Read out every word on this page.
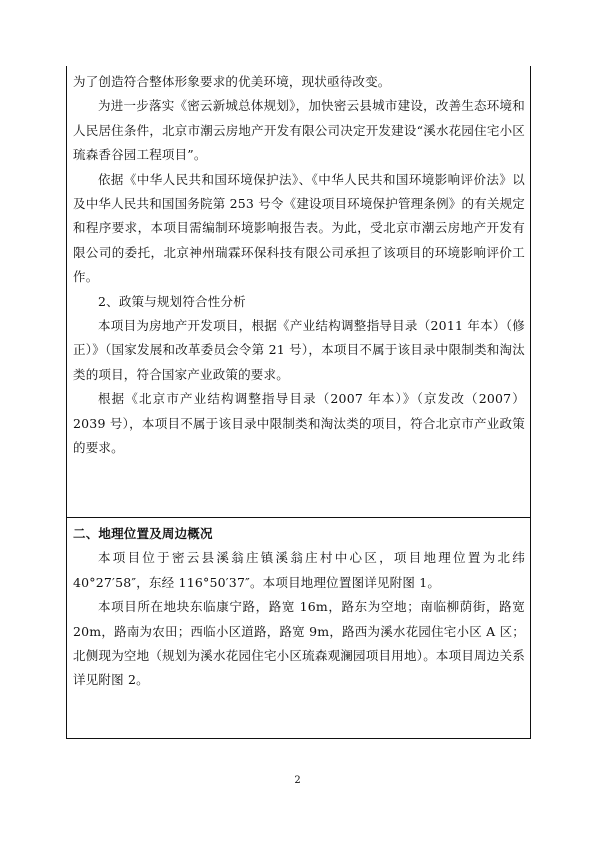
为了创造符合整体形象要求的优美环境，现状亟待改变。

为进一步落实《密云新城总体规划》，加快密云县城市建设，改善生态环境和人民居住条件，北京市潮云房地产开发有限公司决定开发建设“溪水花园住宅小区琉森香谷园工程项目”。

依据《中华人民共和国环境保护法》、《中华人民共和国环境影响评价法》以及中华人民共和国国务院第 253 号令《建设项目环境保护管理条例》的有关规定和程序要求，本项目需编制环境影响报告表。为此，受北京市潮云房地产开发有限公司的委托，北京神州瑞霖环保科技有限公司承担了该项目的环境影响评价工作。

2、政策与规划符合性分析

本项目为房地产开发项目，根据《产业结构调整指导目录（2011 年本）（修正）》（国家发展和改革委员会令第 21 号），本项目不属于该目录中限制类和淘汰类的项目，符合国家产业政策的要求。

根据《北京市产业结构调整指导目录（2007 年本）》（京发改（2007）2039 号），本项目不属于该目录中限制类和淘汰类的项目，符合北京市产业政策的要求。

二、地理位置及周边概况

本项目位于密云县溪翁庄镇溪翁庄村中心区，项目地理位置为北纬 40°27′58″，东经 116°50′37″。本项目地理位置图详见附图 1。

本项目所在地块东临康宁路，路宽 16m，路东为空地；南临柳荫街，路宽 20m，路南为农田；西临小区道路，路宽 9m，路西为溪水花园住宅小区 A 区；北侧现为空地（规划为溪水花园住宅小区琉森观澜园项目用地）。本项目周边关系详见附图 2。

2
